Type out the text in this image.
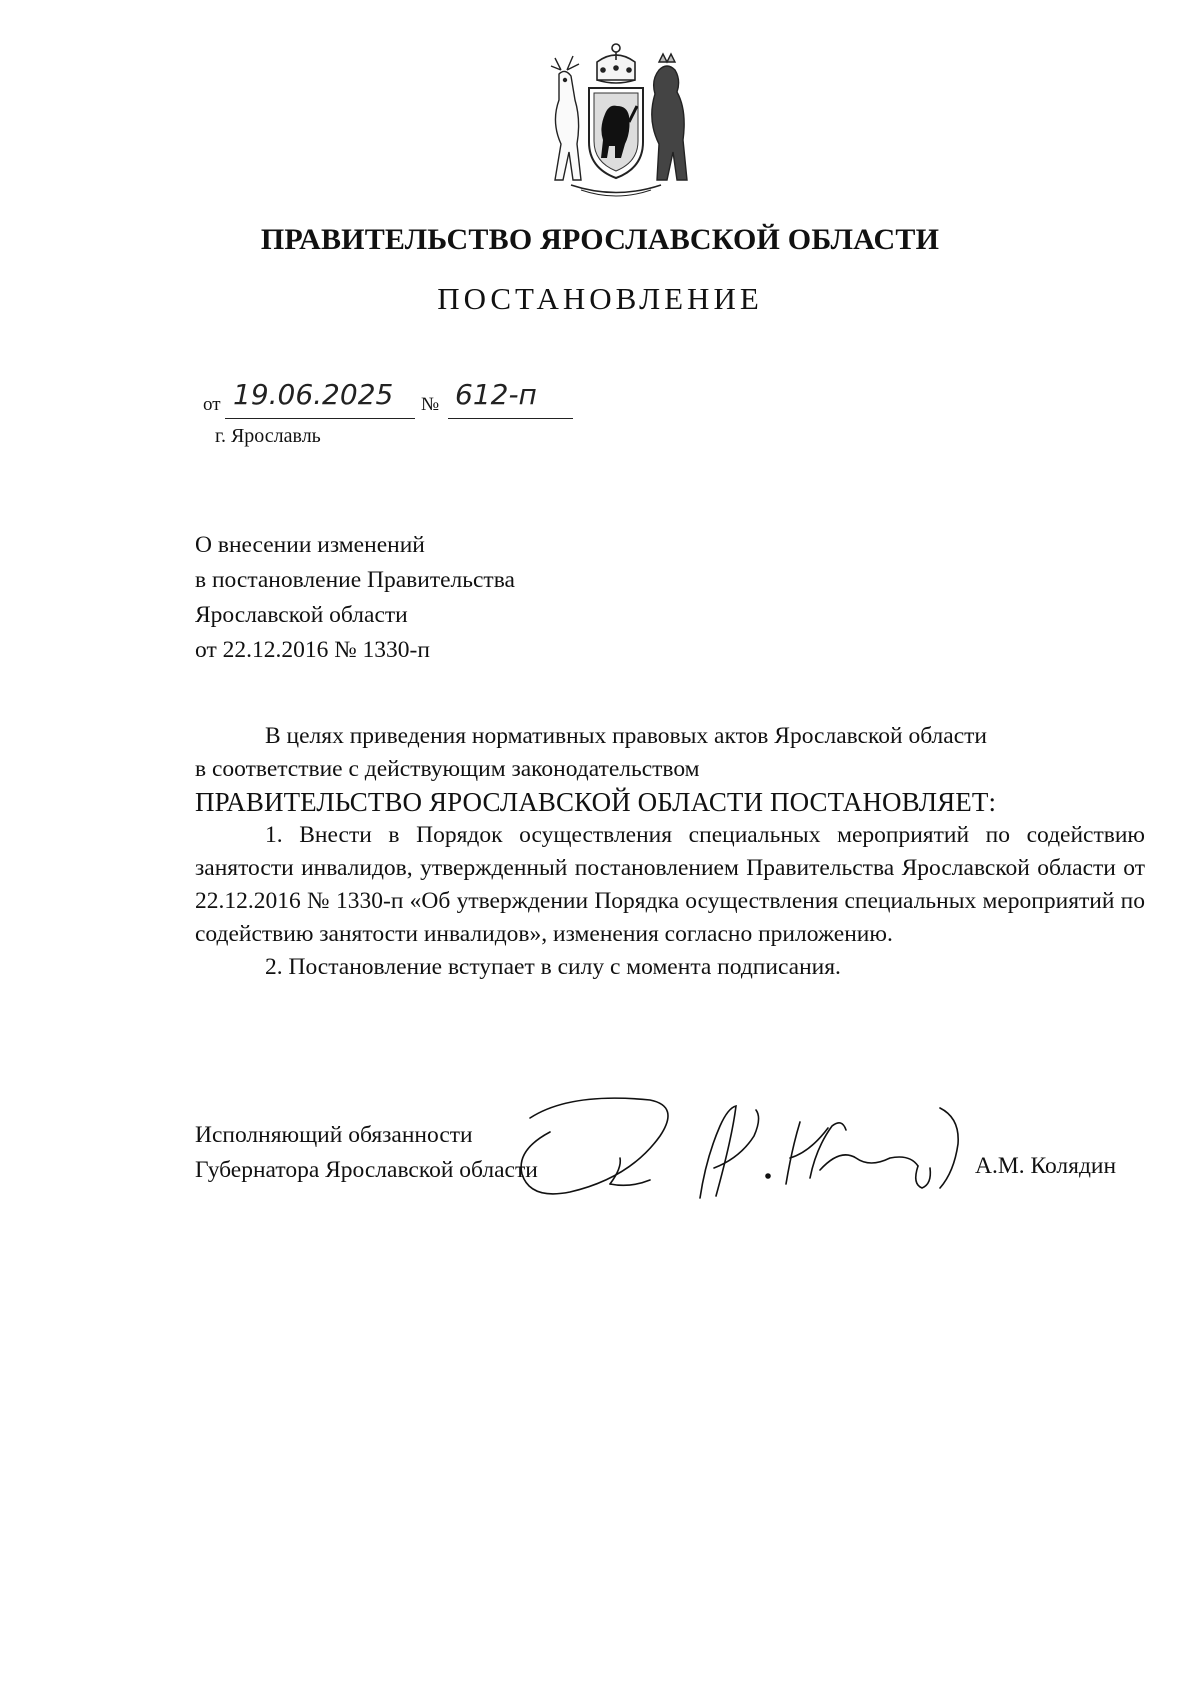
ПРАВИТЕЛЬСТВО ЯРОСЛАВСКОЙ ОБЛАСТИ
ПОСТАНОВЛЕНИЕ
от 19.06.2025 № 612-п
г. Ярославль
О внесении изменений
в постановление Правительства
Ярославской области
от 22.12.2016 № 1330-п

В целях приведения нормативных правовых актов Ярославской области

в соответствие с действующим законодательством

ПРАВИТЕЛЬСТВО ЯРОСЛАВСКОЙ ОБЛАСТИ ПОСТАНОВЛЯЕТ:

1. Внести в Порядок осуществления специальных мероприятий по содействию занятости инвалидов, утвержденный постановлением Правительства Ярославской области от 22.12.2016 № 1330-п «Об утверждении Порядка осуществления специальных мероприятий по содействию занятости инвалидов», изменения согласно приложению.

2. Постановление вступает в силу с момента подписания.

Исполняющий обязанности
Губернатора Ярославской области	А.М. Колядин
